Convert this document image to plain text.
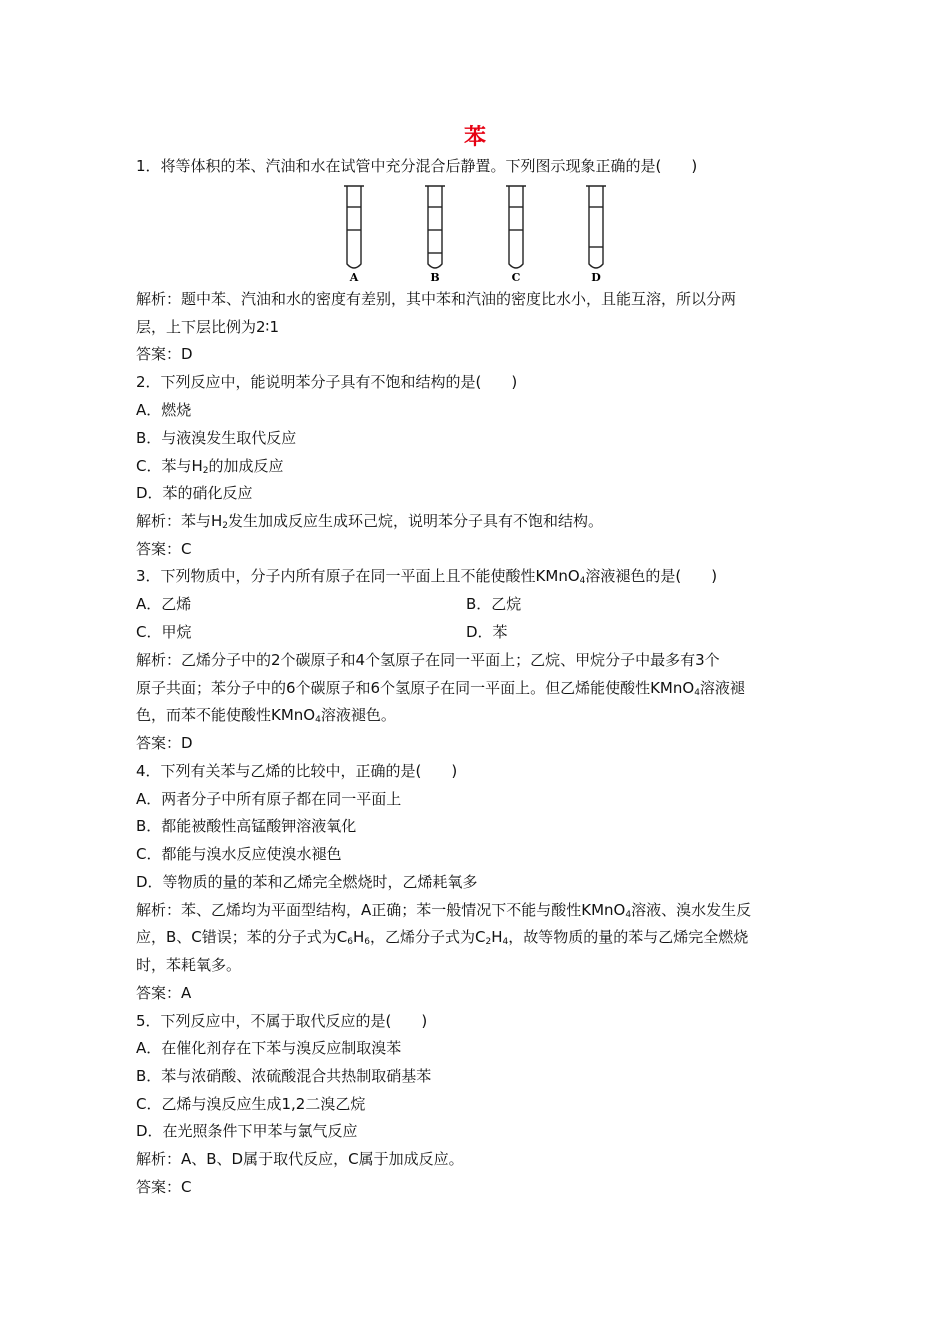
苯
1．将等体积的苯、汽油和水在试管中充分混合后静置。下列图示现象正确的是(　　)
A	B	C	D
解析：题中苯、汽油和水的密度有差别，其中苯和汽油的密度比水小，且能互溶，所以分两
层，上下层比例为2∶1
答案：D
2．下列反应中，能说明苯分子具有不饱和结构的是(　　)
A．燃烧
B．与液溴发生取代反应
C．苯与$H_2$的加成反应
D．苯的硝化反应
解析：苯与$H_2$发生加成反应生成环己烷，说明苯分子具有不饱和结构。
答案：C
3．下列物质中，分子内所有原子在同一平面上且不能使酸性KMnO$_4$溶液褪色的是(　　)
A．乙烯	B．乙烷
C．甲烷	D．苯
解析：乙烯分子中的2个碳原子和4个氢原子在同一平面上；乙烷、甲烷分子中最多有3个
原子共面；苯分子中的6个碳原子和6个氢原子在同一平面上。但乙烯能使酸性KMnO$_4$溶液褪
色，而苯不能使酸性KMnO$_4$溶液褪色。
答案：D
4．下列有关苯与乙烯的比较中，正确的是(　　)
A．两者分子中所有原子都在同一平面上
B．都能被酸性高锰酸钾溶液氧化
C．都能与溴水反应使溴水褪色
D．等物质的量的苯和乙烯完全燃烧时，乙烯耗氧多
解析：苯、乙烯均为平面型结构，A正确；苯一般情况下不能与酸性KMnO$_4$溶液、溴水发生反
应，B、C错误；苯的分子式为$C_6H_6$，乙烯分子式为$C_2H_4$，故等物质的量的苯与乙烯完全燃烧
时，苯耗氧多。
答案：A
5．下列反应中，不属于取代反应的是(　　)
A．在催化剂存在下苯与溴反应制取溴苯
B．苯与浓硝酸、浓硫酸混合共热制取硝基苯
C．乙烯与溴反应生成1,2二溴乙烷
D．在光照条件下甲苯与氯气反应
解析：A、B、D属于取代反应，C属于加成反应。
答案：C
